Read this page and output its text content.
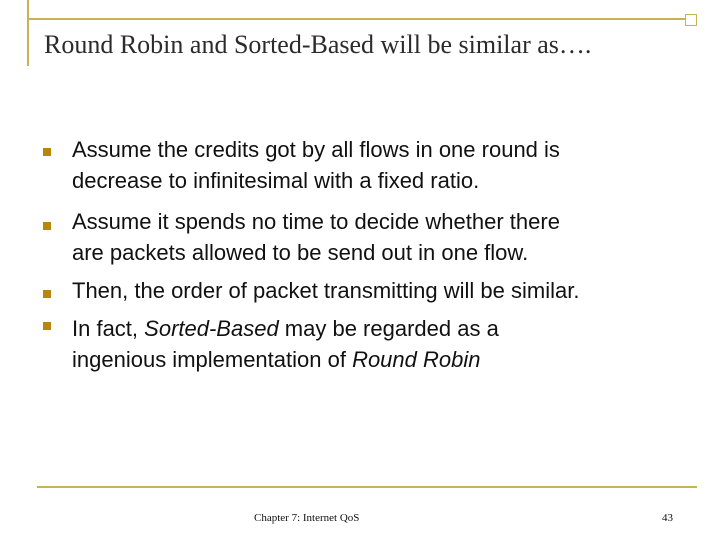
Round Robin and Sorted-Based will be similar as….
Assume the credits got by all flows in one round is
decrease to infinitesimal with a fixed ratio.
Assume it spends no time to decide whether there
are packets allowed to be send out in one flow.
Then, the order of packet transmitting will be similar.
In fact, Sorted-Based may be regarded as a
ingenious implementation of Round Robin
Chapter 7: Internet QoS	43
